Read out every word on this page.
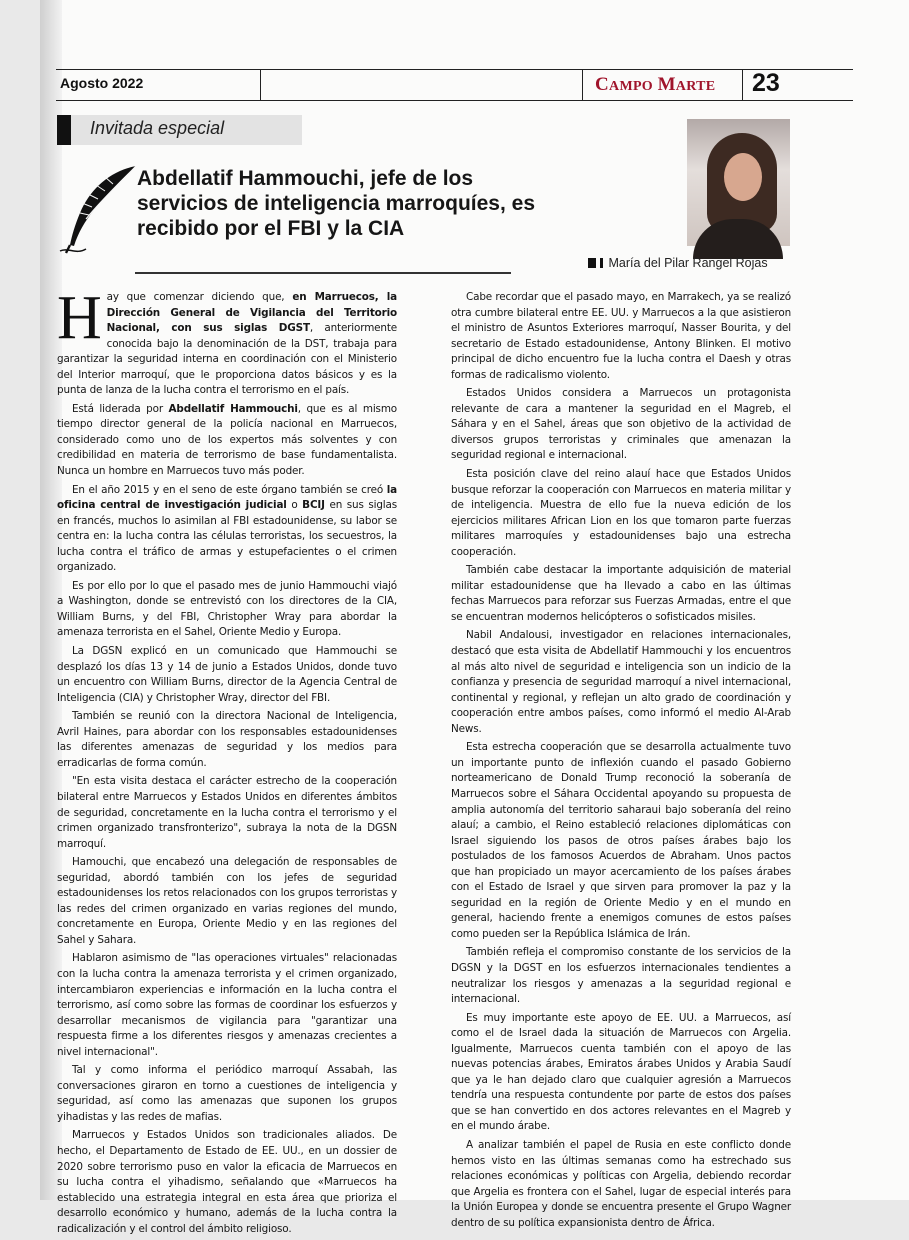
Agosto 2022	CAMPO MARTE 23
Invitada especial
Abdellatif Hammouchi, jefe de los servicios de inteligencia marroquíes, es recibido por el FBI y la CIA
María del Pilar Rangel Rojas

Hay que comenzar diciendo que, en Marruecos, la Dirección General de Vigilancia del Territorio Nacional, con sus siglas DGST, anteriormente conocida bajo la denominación de la DST, trabaja para garantizar la seguridad interna en coordinación con el Ministerio del Interior marroquí, que le proporciona datos básicos y es la punta de lanza de la lucha contra el terrorismo en el país.

Está liderada por Abdellatif Hammouchi, que es al mismo tiempo director general de la policía nacional en Marruecos, considerado como uno de los expertos más solventes y con credibilidad en materia de terrorismo de base fundamentalista. Nunca un hombre en Marruecos tuvo más poder.

En el año 2015 y en el seno de este órgano también se creó la oficina central de investigación judicial o BCIJ en sus siglas en francés, muchos lo asimilan al FBI estadounidense, su labor se centra en: la lucha contra las células terroristas, los secuestros, la lucha contra el tráfico de armas y estupefacientes o el crimen organizado.

Es por ello por lo que el pasado mes de junio Hammouchi viajó a Washington, donde se entrevistó con los directores de la CIA, William Burns, y del FBI, Christopher Wray para abordar la amenaza terrorista en el Sahel, Oriente Medio y Europa.

La DGSN explicó en un comunicado que Hammouchi se desplazó los días 13 y 14 de junio a Estados Unidos, donde tuvo un encuentro con William Burns, director de la Agencia Central de Inteligencia (CIA) y Christopher Wray, director del FBI.

También se reunió con la directora Nacional de Inteligencia, Avril Haines, para abordar con los responsables estadounidenses las diferentes amenazas de seguridad y los medios para erradicarlas de forma común.

"En esta visita destaca el carácter estrecho de la cooperación bilateral entre Marruecos y Estados Unidos en diferentes ámbitos de seguridad, concretamente en la lucha contra el terrorismo y el crimen organizado transfronterizo", subraya la nota de la DGSN marroquí.

Hamouchi, que encabezó una delegación de responsables de seguridad, abordó también con los jefes de seguridad estadounidenses los retos relacionados con los grupos terroristas y las redes del crimen organizado en varias regiones del mundo, concretamente en Europa, Oriente Medio y en las regiones del Sahel y Sahara.

Hablaron asimismo de "las operaciones virtuales" relacionadas con la lucha contra la amenaza terrorista y el crimen organizado, intercambiaron experiencias e información en la lucha contra el terrorismo, así como sobre las formas de coordinar los esfuerzos y desarrollar mecanismos de vigilancia para "garantizar una respuesta firme a los diferentes riesgos y amenazas crecientes a nivel internacional".

Tal y como informa el periódico marroquí Assabah, las conversaciones giraron en torno a cuestiones de inteligencia y seguridad, así como las amenazas que suponen los grupos yihadistas y las redes de mafias.

Marruecos y Estados Unidos son tradicionales aliados. De hecho, el Departamento de Estado de EE. UU., en un dossier de 2020 sobre terrorismo puso en valor la eficacia de Marruecos en su lucha contra el yihadismo, señalando que «Marruecos ha establecido una estrategia integral en esta área que prioriza el desarrollo económico y humano, además de la lucha contra la radicalización y el control del ámbito religioso.

Cabe recordar que el pasado mayo, en Marrakech, ya se realizó otra cumbre bilateral entre EE. UU. y Marruecos a la que asistieron el ministro de Asuntos Exteriores marroquí, Nasser Bourita, y del secretario de Estado estadounidense, Antony Blinken. El motivo principal de dicho encuentro fue la lucha contra el Daesh y otras formas de radicalismo violento.

Estados Unidos considera a Marruecos un protagonista relevante de cara a mantener la seguridad en el Magreb, el Sáhara y en el Sahel, áreas que son objetivo de la actividad de diversos grupos terroristas y criminales que amenazan la seguridad regional e internacional.

Esta posición clave del reino alauí hace que Estados Unidos busque reforzar la cooperación con Marruecos en materia militar y de inteligencia. Muestra de ello fue la nueva edición de los ejercicios militares African Lion en los que tomaron parte fuerzas militares marroquíes y estadounidenses bajo una estrecha cooperación.

También cabe destacar la importante adquisición de material militar estadounidense que ha llevado a cabo en las últimas fechas Marruecos para reforzar sus Fuerzas Armadas, entre el que se encuentran modernos helicópteros o sofisticados misiles.

Nabil Andalousi, investigador en relaciones internacionales, destacó que esta visita de Abdellatif Hammouchi y los encuentros al más alto nivel de seguridad e inteligencia son un indicio de la confianza y presencia de seguridad marroquí a nivel internacional, continental y regional, y reflejan un alto grado de coordinación y cooperación entre ambos países, como informó el medio Al-Arab News.

Esta estrecha cooperación que se desarrolla actualmente tuvo un importante punto de inflexión cuando el pasado Gobierno norteamericano de Donald Trump reconoció la soberanía de Marruecos sobre el Sáhara Occidental apoyando su propuesta de amplia autonomía del territorio saharaui bajo soberanía del reino alauí; a cambio, el Reino estableció relaciones diplomáticas con Israel siguiendo los pasos de otros países árabes bajo los postulados de los famosos Acuerdos de Abraham. Unos pactos que han propiciado un mayor acercamiento de los países árabes con el Estado de Israel y que sirven para promover la paz y la seguridad en la región de Oriente Medio y en el mundo en general, haciendo frente a enemigos comunes de estos países como pueden ser la República Islámica de Irán.

También refleja el compromiso constante de los servicios de la DGSN y la DGST en los esfuerzos internacionales tendientes a neutralizar los riesgos y amenazas a la seguridad regional e internacional.

Es muy importante este apoyo de EE. UU. a Marruecos, así como el de Israel dada la situación de Marruecos con Argelia. Igualmente, Marruecos cuenta también con el apoyo de las nuevas potencias árabes, Emiratos árabes Unidos y Arabia Saudí que ya le han dejado claro que cualquier agresión a Marruecos tendría una respuesta contundente por parte de estos dos países que se han convertido en dos actores relevantes en el Magreb y en el mundo árabe.

A analizar también el papel de Rusia en este conflicto donde hemos visto en las últimas semanas como ha estrechado sus relaciones económicas y políticas con Argelia, debiendo recordar que Argelia es frontera con el Sahel, lugar de especial interés para la Unión Europea y donde se encuentra presente el Grupo Wagner dentro de su política expansionista dentro de África.
